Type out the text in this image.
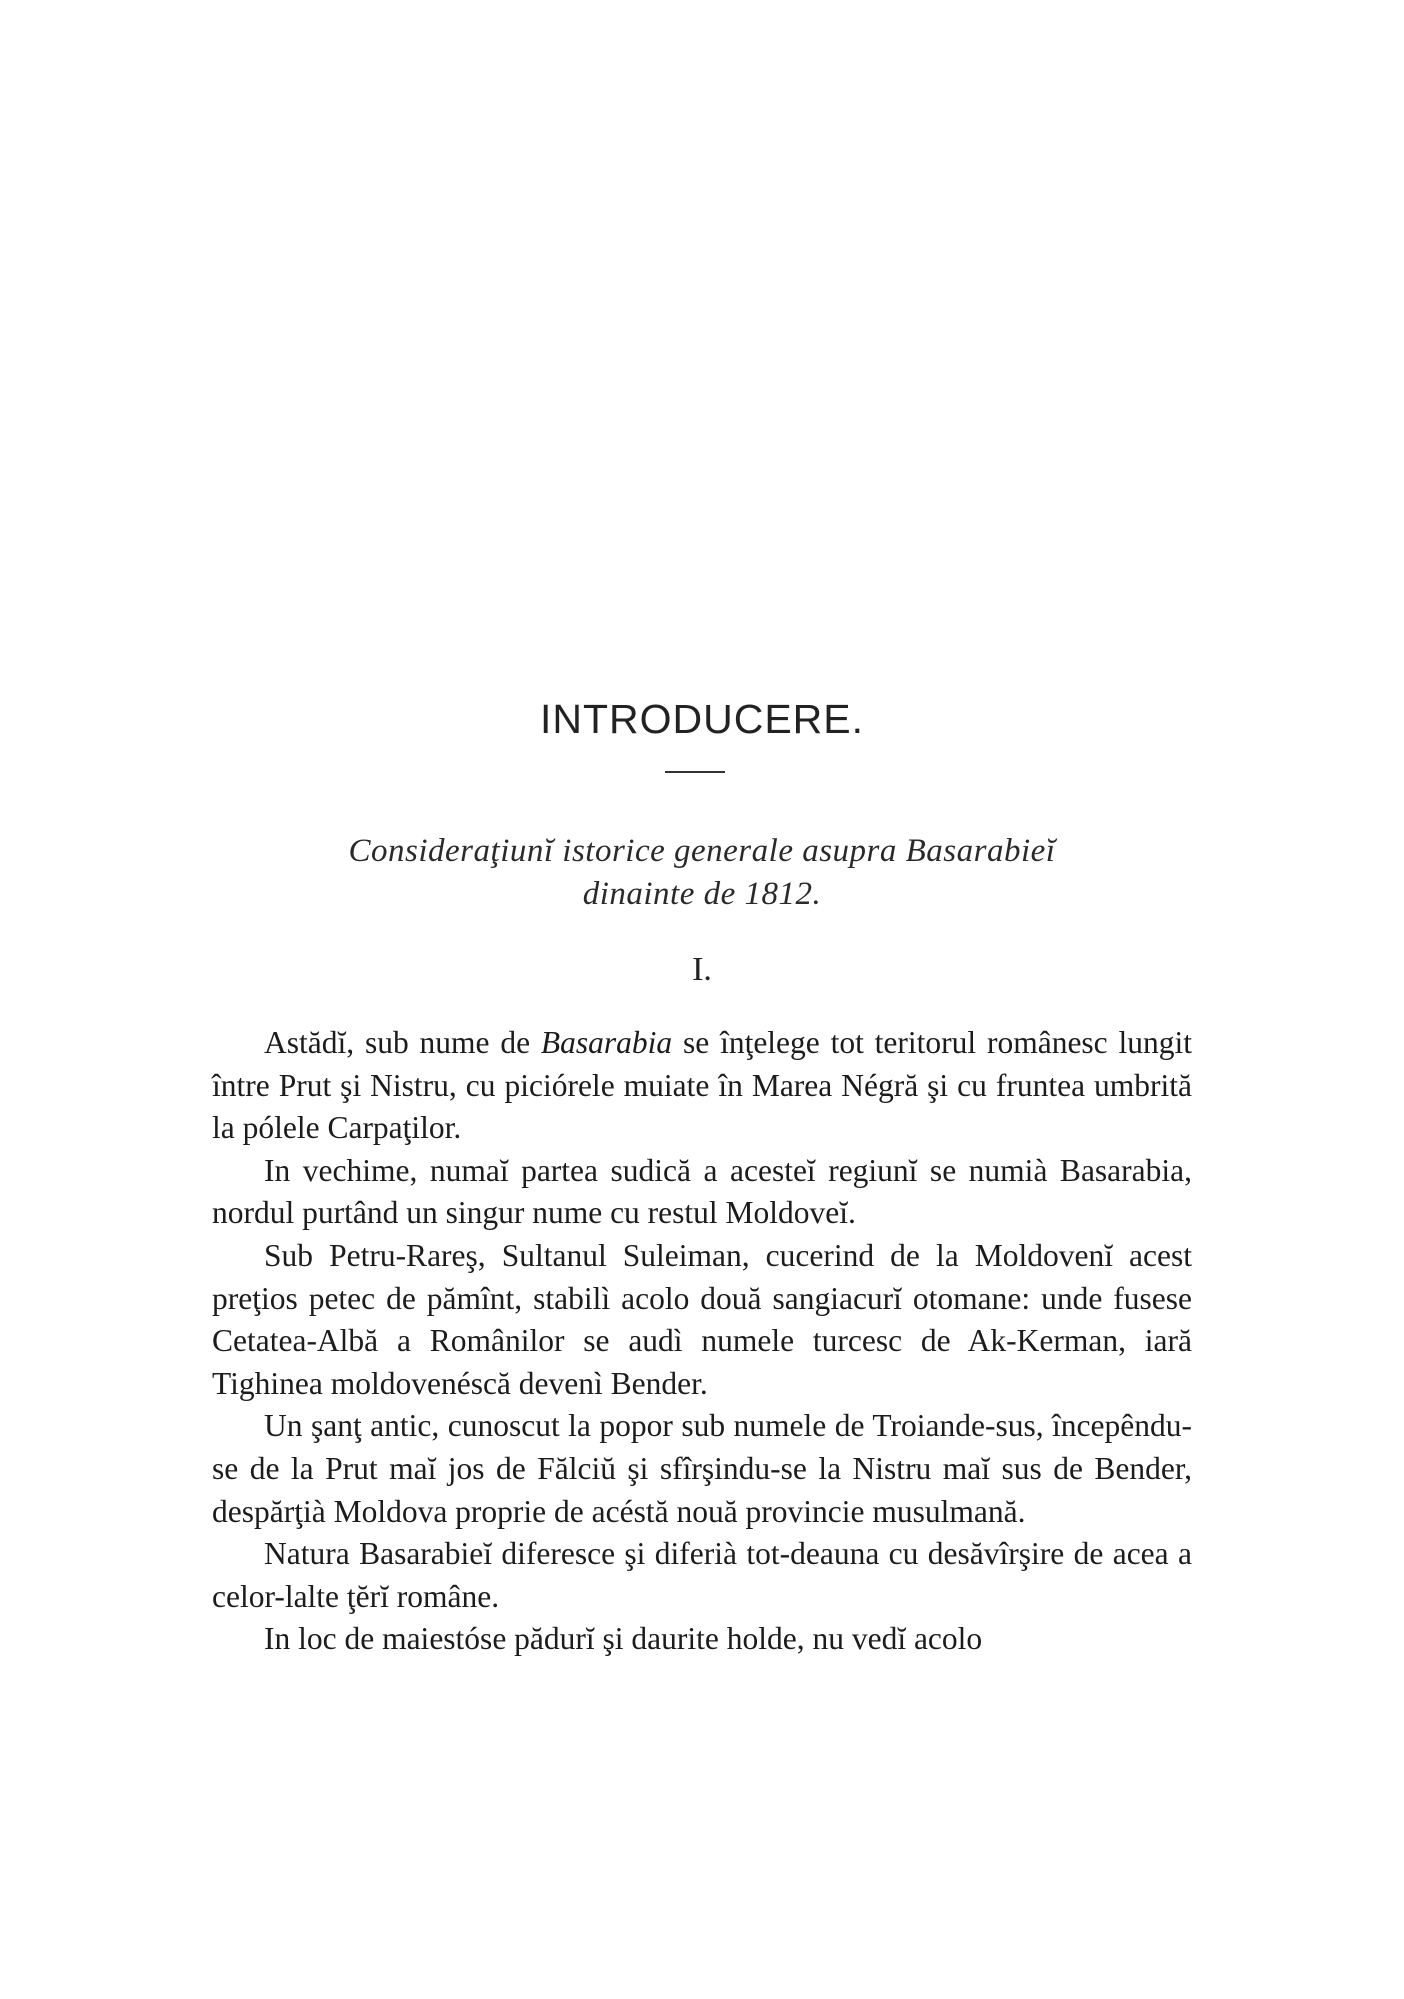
INTRODUCERE.
Consideraţiunĭ istorice generale asupra Basarabieĭ
dinainte de 1812.
I.

Astădĭ, sub nume de Basarabia se înţelege tot teritorul românesc lungit între Prut şi Nistru, cu piciórele muiate în Marea Négră şi cu fruntea umbrită la pólele Carpaţilor.

In vechime, numaĭ partea sudică a acesteĭ regiunĭ se numià Basarabia, nordul purtând un singur nume cu restul Moldoveĭ.

Sub Petru-Rareş, Sultanul Suleiman, cucerind de la Moldovenĭ acest preţios petec de pămînt, stabilì acolo două sangiacurĭ otomane: unde fusese Cetatea-Albă a Românilor se audì numele turcesc de Ak-Kerman, iară Tighinea moldovenéscă devenì Bender.

Un şanţ antic, cunoscut la popor sub numele de Troiande-sus, începêndu-se de la Prut maĭ jos de Fălciŭ şi sfîrşindu-se la Nistru maĭ sus de Bender, despărţià Moldova proprie de acéstă nouă provincie musulmană.

Natura Basarabieĭ diferesce şi diferià tot-deauna cu desăvîrşire de acea a celor-lalte ţĕrĭ române.

In loc de maiestóse pădurĭ şi daurite holde, nu vedĭ acolo
